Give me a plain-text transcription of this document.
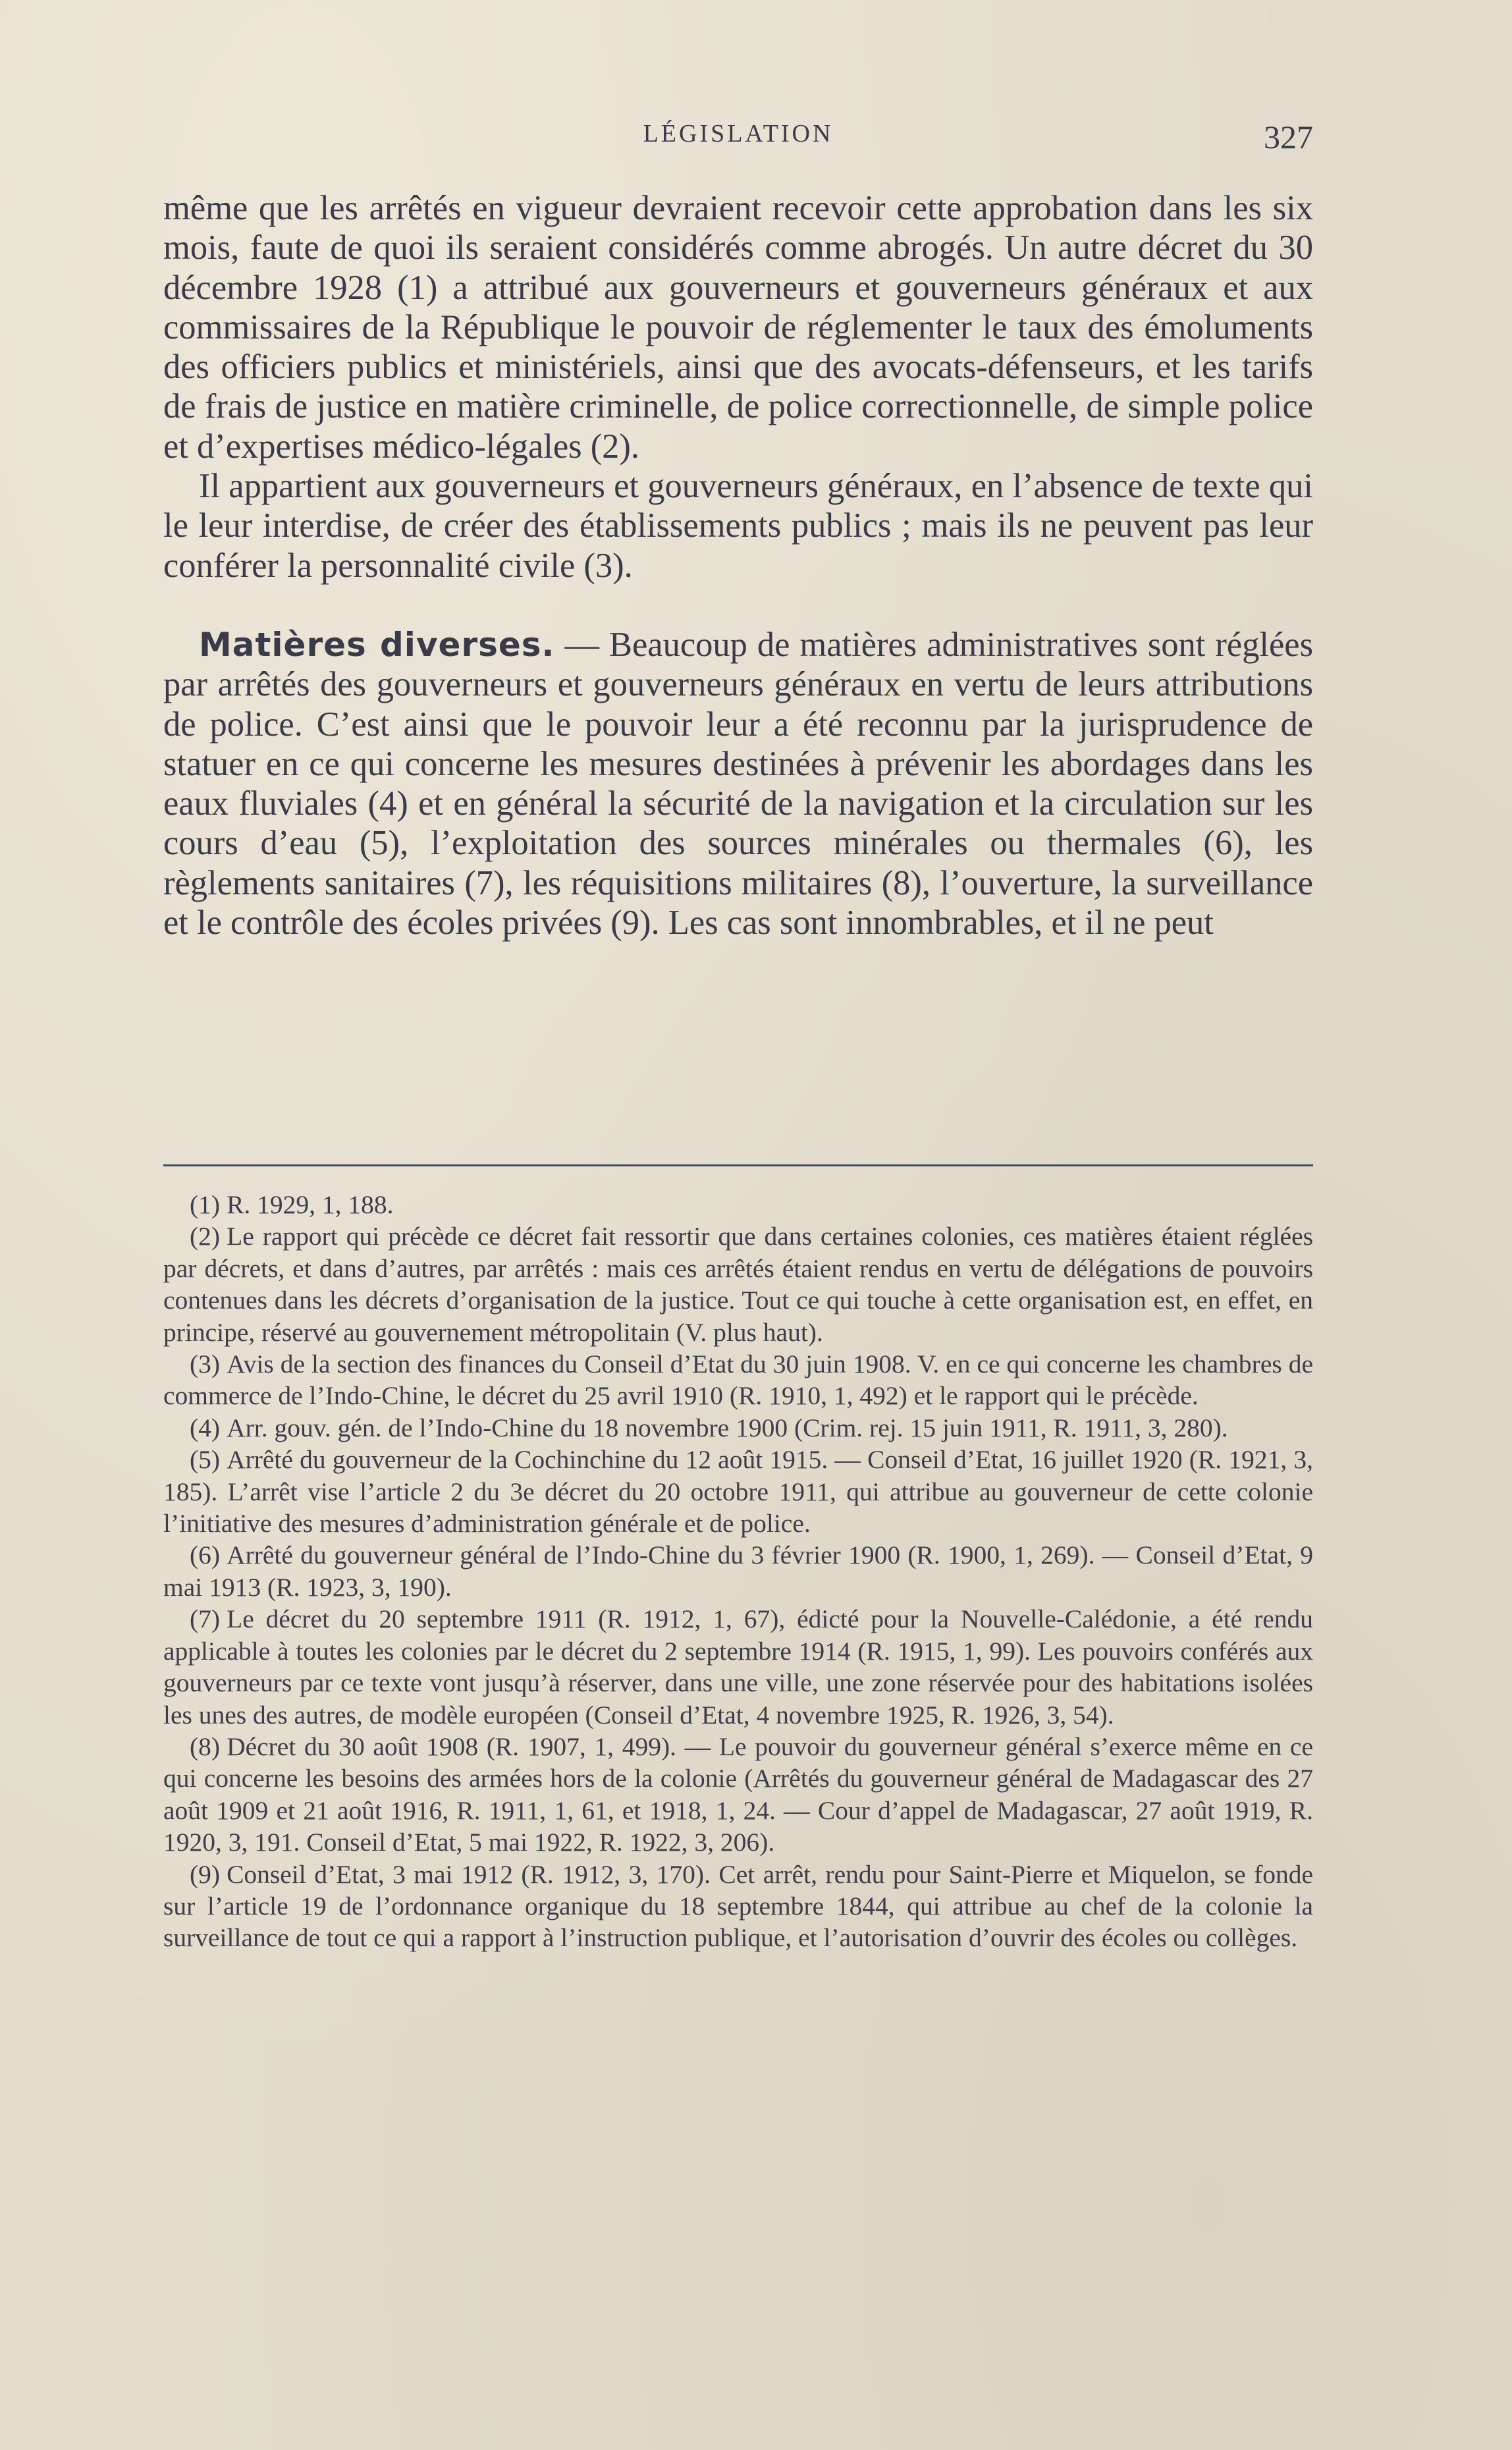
LÉGISLATION	327

même que les arrêtés en vigueur devraient recevoir cette approbation dans les six mois, faute de quoi ils seraient considérés comme abrogés. Un autre décret du 30 décembre 1928 (1) a attribué aux gouverneurs et gouverneurs généraux et aux commissaires de la République le pouvoir de réglementer le taux des émoluments des officiers publics et ministériels, ainsi que des avocats-défenseurs, et les tarifs de frais de justice en matière criminelle, de police correctionnelle, de simple police et d’expertises médico-légales (2).

Il appartient aux gouverneurs et gouverneurs généraux, en l’absence de texte qui le leur interdise, de créer des établissements publics ; mais ils ne peuvent pas leur conférer la personnalité civile (3).

Matières diverses. — Beaucoup de matières administratives sont réglées par arrêtés des gouverneurs et gouverneurs généraux en vertu de leurs attributions de police. C’est ainsi que le pouvoir leur a été reconnu par la jurisprudence de statuer en ce qui concerne les mesures destinées à prévenir les abordages dans les eaux fluviales (4) et en général la sécurité de la navigation et la circulation sur les cours d’eau (5), l’exploitation des sources minérales ou thermales (6), les règlements sanitaires (7), les réquisitions militaires (8), l’ouverture, la surveillance et le contrôle des écoles privées (9). Les cas sont innombrables, et il ne peut

(1) R. 1929, 1, 188.

(2) Le rapport qui précède ce décret fait ressortir que dans certaines colonies, ces matières étaient réglées par décrets, et dans d’autres, par arrêtés : mais ces arrêtés étaient rendus en vertu de délégations de pouvoirs contenues dans les décrets d’organisation de la justice. Tout ce qui touche à cette organisation est, en effet, en principe, réservé au gouvernement métropolitain (V. plus haut).

(3) Avis de la section des finances du Conseil d’Etat du 30 juin 1908. V. en ce qui concerne les chambres de commerce de l’Indo-Chine, le décret du 25 avril 1910 (R. 1910, 1, 492) et le rapport qui le précède.

(4) Arr. gouv. gén. de l’Indo-Chine du 18 novembre 1900 (Crim. rej. 15 juin 1911, R. 1911, 3, 280).

(5) Arrêté du gouverneur de la Cochinchine du 12 août 1915. — Conseil d’Etat, 16 juillet 1920 (R. 1921, 3, 185). L’arrêt vise l’article 2 du 3e décret du 20 octobre 1911, qui attribue au gouverneur de cette colonie l’initiative des mesures d’administration générale et de police.

(6) Arrêté du gouverneur général de l’Indo-Chine du 3 février 1900 (R. 1900, 1, 269). — Conseil d’Etat, 9 mai 1913 (R. 1923, 3, 190).

(7) Le décret du 20 septembre 1911 (R. 1912, 1, 67), édicté pour la Nouvelle-Calédonie, a été rendu applicable à toutes les colonies par le décret du 2 septembre 1914 (R. 1915, 1, 99). Les pouvoirs conférés aux gouverneurs par ce texte vont jusqu’à réserver, dans une ville, une zone réservée pour des habitations isolées les unes des autres, de modèle européen (Conseil d’Etat, 4 novembre 1925, R. 1926, 3, 54).

(8) Décret du 30 août 1908 (R. 1907, 1, 499). — Le pouvoir du gouverneur général s’exerce même en ce qui concerne les besoins des armées hors de la colonie (Arrêtés du gouverneur général de Madagascar des 27 août 1909 et 21 août 1916, R. 1911, 1, 61, et 1918, 1, 24. — Cour d’appel de Madagascar, 27 août 1919, R. 1920, 3, 191. Conseil d’Etat, 5 mai 1922, R. 1922, 3, 206).

(9) Conseil d’Etat, 3 mai 1912 (R. 1912, 3, 170). Cet arrêt, rendu pour Saint-Pierre et Miquelon, se fonde sur l’article 19 de l’ordonnance organique du 18 septembre 1844, qui attribue au chef de la colonie la surveillance de tout ce qui a rapport à l’instruction publique, et l’autorisation d’ouvrir des écoles ou collèges.
